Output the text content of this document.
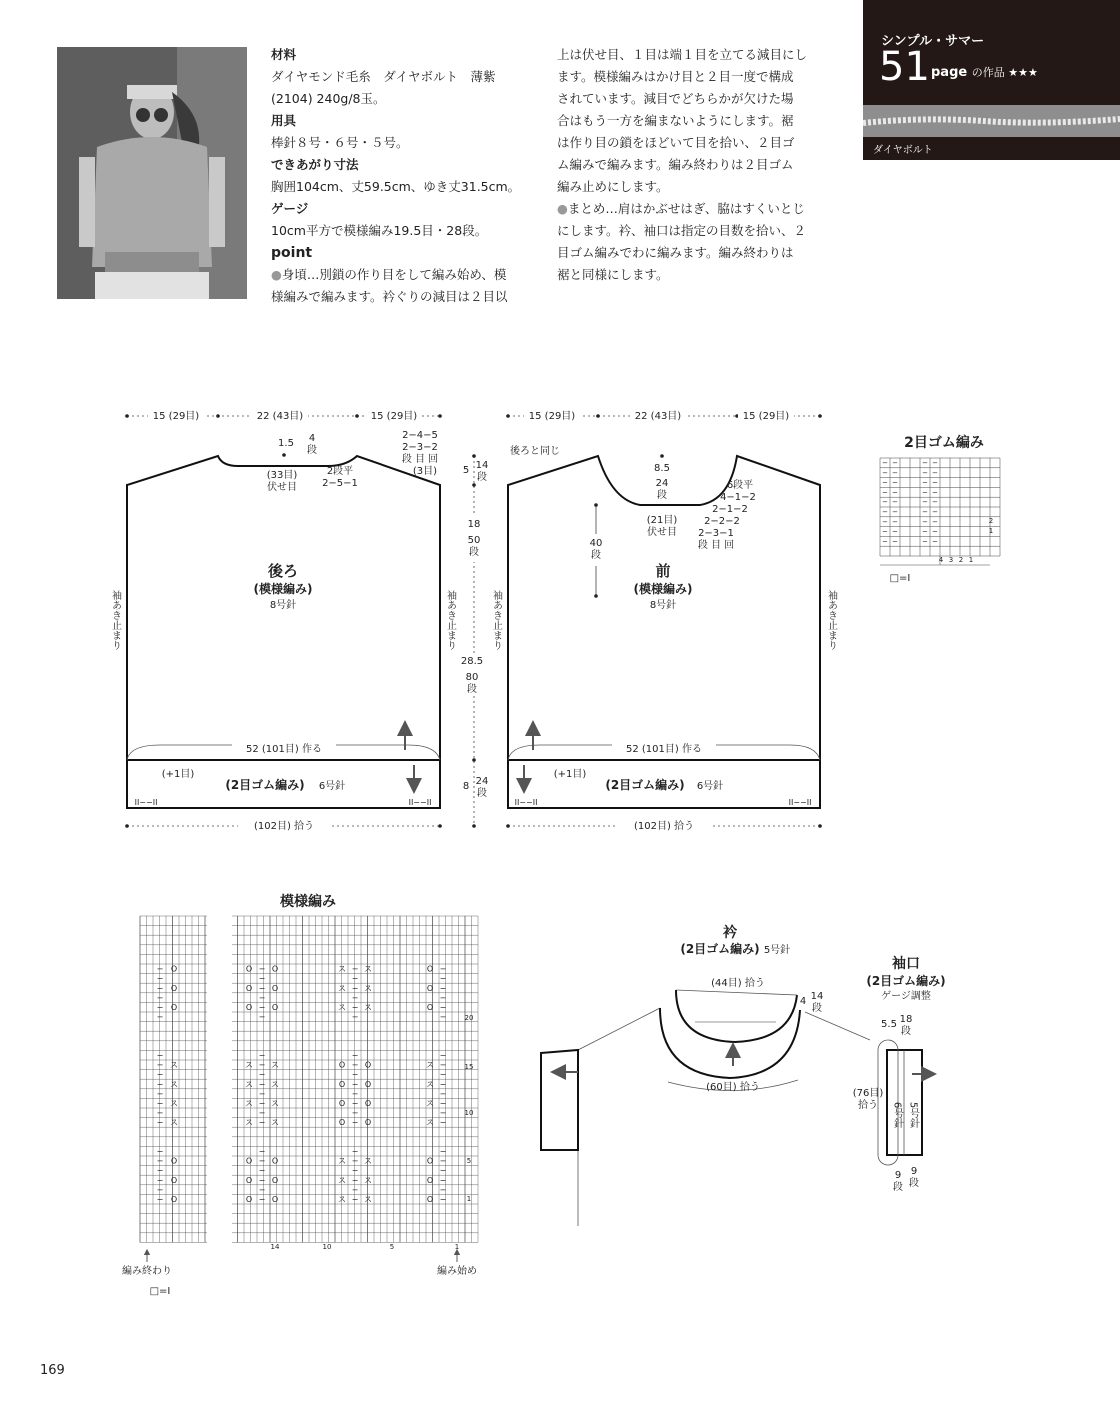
材料
ダイヤモンド毛糸　ダイヤボルト　薄紫
(2104) 240g/8玉。
用具
棒針８号・６号・５号。
できあがり寸法
胸囲104cm、丈59.5cm、ゆき丈31.5cm。
ゲージ
10cm平方で模様編み19.5目・28段。
point
●身頃…別鎖の作り目をして編み始め、模
様編みで編みます。衿ぐりの減目は２目以
上は伏せ目、１目は端１目を立てる減目にし
ます。模様編みはかけ目と２目一度で構成
されています。減目でどちらかが欠けた場
合はもう一方を編まないようにします。裾
は作り目の鎖をほどいて目を拾い、２目ゴ
ム編みで編みます。編み終わりは２目ゴム
編み止めにします。
●まとめ…肩はかぶせはぎ、脇はすくいとじ
にします。衿、袖口は指定の目数を拾い、２
目ゴム編みでわに編みます。編み終わりは
裾と同様にします。
シンプル・サマー
51 page の作品 ★★★
ダイヤボルト
15 (29目)	22 (43目)	15 (29目)
1.5 4
段
(33目)
伏せ目
2段平
2−5−1
2−4−5
2−3−2
段 目 回
(3目)
後ろ
(模様編み)
8号針
袖あき止まり	袖あき止まり
52 (101目) 作る
(+1目)
(2目ゴム編み) 6号針
II−−II	II−−II
(102目) 拾う
5 14
段
18
50
段
28.5
80
段
8 24
段
15 (29目)	22 (43目)	15 (29目)
後ろと同じ
8.5
24
段
(21目)
伏せ目
6段平
4−1−2
2−1−2
2−2−2
2−3−1
段 目 回
40
段
前
(模様編み)
8号針
袖あき止まり	袖あき止まり
52 (101目) 作る
(+1目)
(2目ゴム編み) 6号針
II−−II	II−−II
(102目) 拾う
2目ゴム編み
− −	− −
− −	− −
− −	− −
− −	− −
− −	− −
− −	− −
− −	− −
− −	− −
− −	− −
4 3 2 1
2
1
□=Ⅰ
模様編み
− O	O − O	ス − ス	O −
−	−	−	−
− O	O − O	ス − ス	O −
−	−	−	−
− O	O − O	ス − ス	O −
−	−	−	−
−	−	−	−
− O	O − O	ス − ス	O −
−	−	−	−
− O	O − O	ス − ス	O −
−	−	−	−
− O	O − O	ス − ス	O −
− ス	ス − ス	O − O	ス −
−	−	−	−
− ス	ス − ス	O − O	ス −
−	−	−	−
− ス	ス − ス	O − O	ス −
−	−	−	−
− ス	ス − ス	O − O	ス −
−	−	−	−
14	10	5	1
20
15
10
5
1
編み終わり	編み始め
□=Ⅰ
衿
(2目ゴム編み) 5号針
(44目) 拾う
(60目) 拾う
4 14
段
袖口
(2目ゴム編み)
ゲージ調整
5.5 18
段
(76目)
拾う 6号針 5号針
9
段
9
段
169
